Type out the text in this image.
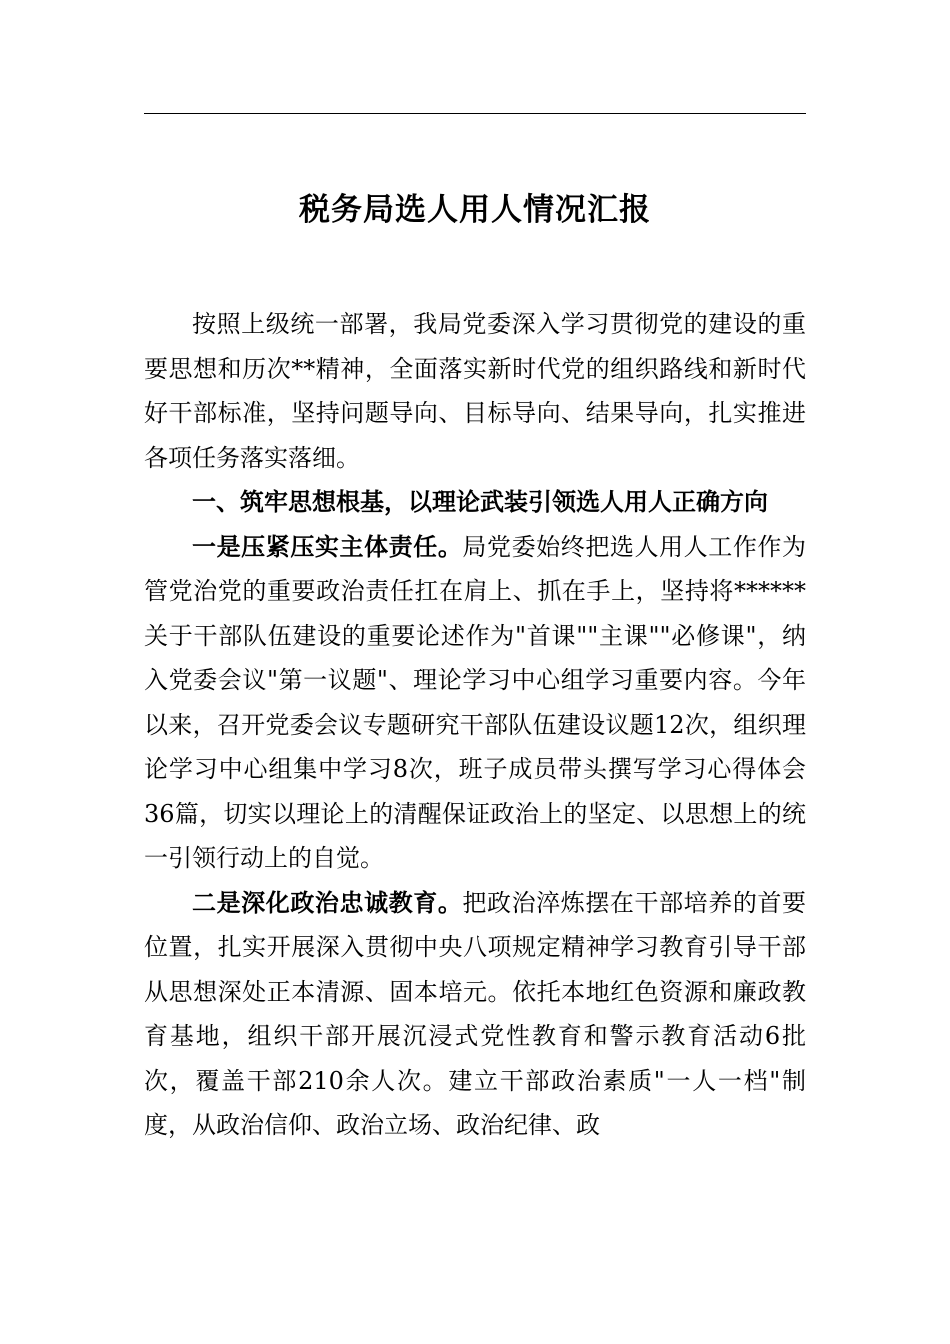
税务局选人用人情况汇报

按照上级统一部署，我局党委深入学习贯彻党的建设的重要思想和历次**精神，全面落实新时代党的组织路线和新时代好干部标准，坚持问题导向、目标导向、结果导向，扎实推进各项任务落实落细。

一、筑牢思想根基，以理论武装引领选人用人正确方向

一是压紧压实主体责任。局党委始终把选人用人工作作为管党治党的重要政治责任扛在肩上、抓在手上，坚持将******关于干部队伍建设的重要论述作为"首课""主课""必修课"，纳入党委会议"第一议题"、理论学习中心组学习重要内容。今年以来，召开党委会议专题研究干部队伍建设议题12次，组织理论学习中心组集中学习8次，班子成员带头撰写学习心得体会36篇，切实以理论上的清醒保证政治上的坚定、以思想上的统一引领行动上的自觉。

二是深化政治忠诚教育。把政治淬炼摆在干部培养的首要位置，扎实开展深入贯彻中央八项规定精神学习教育引导干部从思想深处正本清源、固本培元。依托本地红色资源和廉政教育基地，组织干部开展沉浸式党性教育和警示教育活动6批次，覆盖干部210余人次。建立干部政治素质"一人一档"制度，从政治信仰、政治立场、政治纪律、政
